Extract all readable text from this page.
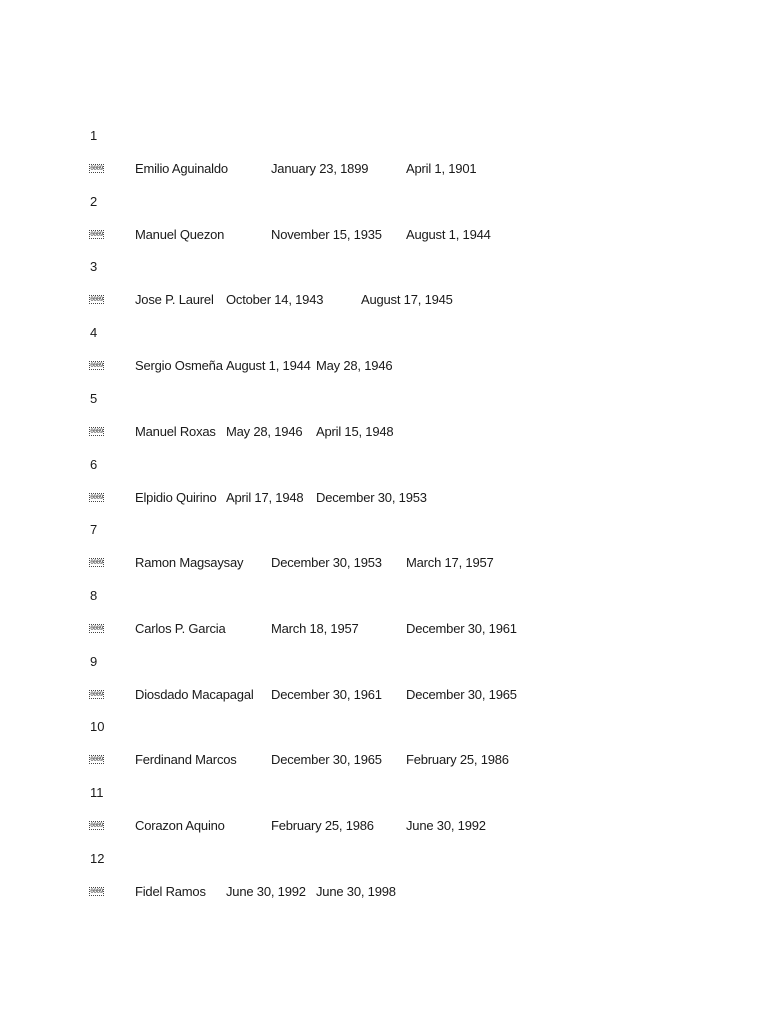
1
0009 Emilio Aguinaldo	January 23, 1899	April 1, 1901
2
0009 Manuel Quezon	November 15, 1935 August 1, 1944
3
0009 Jose P. Laurel October 14, 1943	August 17, 1945
4
0009 Sergio Osmeña August 1, 1944 May 28, 1946
5
0009 Manuel Roxas May 28, 1946 April 15, 1948
6
0009 Elpidio Quirino April 17, 1948 December 30, 1953
7
0009 Ramon Magsaysay December 30, 1953 March 17, 1957
8
0009 Carlos P. Garcia	March 18, 1957	December 30, 1961
9
0009 Diosdado Macapagal December 30, 1961 December 30, 1965
10
0009 Ferdinand Marcos	December 30, 1965 February 25, 1986
11
0009 Corazon Aquino	February 25, 1986 June 30, 1992
12
0009 Fidel Ramos June 30, 1992 June 30, 1998
